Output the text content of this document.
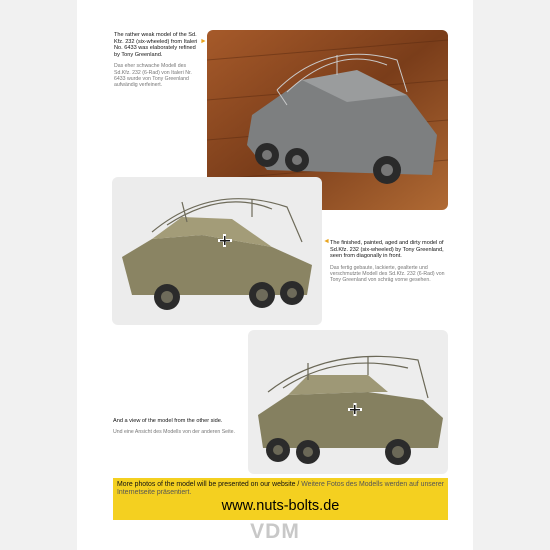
The rather weak model of the Sd. Kfz. 232 (six-wheeled) from Italeri No. 6433 was elaborately refined by Tony Greenland.
Das eher schwache Modell des Sd.Kfz. 232 (6-Rad) von Italeri Nr. 6433 wurde von Tony Greenland aufwändig verfeinert.
►
◄ The finished, painted, aged and dirty model of Sd.Kfz. 232 (six-wheeled) by Tony Greenland, seen from diagonally in front.
Das fertig gebaute, lackierte, gealterte und verschmutzte Modell des Sd.Kfz. 232 (6-Rad) von Tony Greenland von schräg vorne gesehen.
And a view of the model from the other side.
Und eine Ansicht des Modells von der anderen Seite.
More photos of the model will be presented on our website / Weitere Fotos des Modells werden auf unserer Internetseite präsentiert.
www.nuts-bolts.de
VDM
